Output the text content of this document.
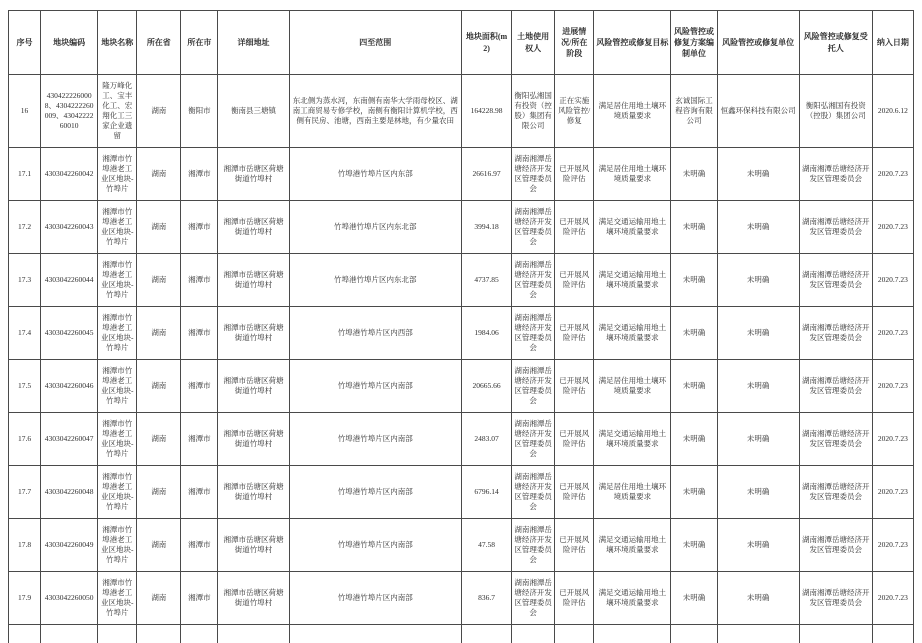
序号	地块编码	地块名称	所在省	所在市	详细地址	四至范围	地块面积(m2)	土地使用权人	进展情况/所在阶段	风险管控或修复目标	风险管控或修复方案编制单位	风险管控或修复单位	风险管控或修复受托人	纳入日期
16	4304222260008、4304222260009、4304222260010	隆万峰化工、宝丰化工、宏翔化工三家企业遗留	湖南	衡阳市	衡南县三塘镇	东北侧为蒸水河，东南侧有南华大学雨母校区、湖南工商贸易专修学校，南侧有衡阳计算机学校，西侧有民房、池塘，西南主要是林地，有少量农田	164228.98	衡阳弘湘国有投资（控股）集团有限公司	正在实施风险管控/修复	满足居住用地土壤环境质量要求	玄诚国际工程咨询有限公司	恒鑫环保科技有限公司	衡阳弘湘国有投资（控股）集团公司	2020.6.12
17.1	4303042260042	湘潭市竹埠港老工业区地块-竹埠片	湖南	湘潭市	湘潭市岳塘区荷塘街道竹埠村	竹埠港竹埠片区内东部	26616.97	湖南湘潭岳塘经济开发区管理委员会	已开展风险评估	满足居住用地土壤环境质量要求	未明确	未明确	湖南湘潭岳塘经济开发区管理委员会	2020.7.23
17.2	4303042260043	湘潭市竹埠港老工业区地块-竹埠片	湖南	湘潭市	湘潭市岳塘区荷塘街道竹埠村	竹埠港竹埠片区内东北部	3994.18	湖南湘潭岳塘经济开发区管理委员会	已开展风险评估	满足交通运输用地土壤环境质量要求	未明确	未明确	湖南湘潭岳塘经济开发区管理委员会	2020.7.23
17.3	4303042260044	湘潭市竹埠港老工业区地块-竹埠片	湖南	湘潭市	湘潭市岳塘区荷塘街道竹埠村	竹埠港竹埠片区内东北部	4737.85	湖南湘潭岳塘经济开发区管理委员会	已开展风险评估	满足交通运输用地土壤环境质量要求	未明确	未明确	湖南湘潭岳塘经济开发区管理委员会	2020.7.23
17.4	4303042260045	湘潭市竹埠港老工业区地块-竹埠片	湖南	湘潭市	湘潭市岳塘区荷塘街道竹埠村	竹埠港竹埠片区内西部	1984.06	湖南湘潭岳塘经济开发区管理委员会	已开展风险评估	满足交通运输用地土壤环境质量要求	未明确	未明确	湖南湘潭岳塘经济开发区管理委员会	2020.7.23
17.5	4303042260046	湘潭市竹埠港老工业区地块-竹埠片	湖南	湘潭市	湘潭市岳塘区荷塘街道竹埠村	竹埠港竹埠片区内南部	20665.66	湖南湘潭岳塘经济开发区管理委员会	已开展风险评估	满足居住用地土壤环境质量要求	未明确	未明确	湖南湘潭岳塘经济开发区管理委员会	2020.7.23
17.6	4303042260047	湘潭市竹埠港老工业区地块-竹埠片	湖南	湘潭市	湘潭市岳塘区荷塘街道竹埠村	竹埠港竹埠片区内南部	2483.07	湖南湘潭岳塘经济开发区管理委员会	已开展风险评估	满足交通运输用地土壤环境质量要求	未明确	未明确	湖南湘潭岳塘经济开发区管理委员会	2020.7.23
17.7	4303042260048	湘潭市竹埠港老工业区地块-竹埠片	湖南	湘潭市	湘潭市岳塘区荷塘街道竹埠村	竹埠港竹埠片区内南部	6796.14	湖南湘潭岳塘经济开发区管理委员会	已开展风险评估	满足居住用地土壤环境质量要求	未明确	未明确	湖南湘潭岳塘经济开发区管理委员会	2020.7.23
17.8	4303042260049	湘潭市竹埠港老工业区地块-竹埠片	湖南	湘潭市	湘潭市岳塘区荷塘街道竹埠村	竹埠港竹埠片区内南部	47.58	湖南湘潭岳塘经济开发区管理委员会	已开展风险评估	满足交通运输用地土壤环境质量要求	未明确	未明确	湖南湘潭岳塘经济开发区管理委员会	2020.7.23
17.9	4303042260050	湘潭市竹埠港老工业区地块-竹埠片	湖南	湘潭市	湘潭市岳塘区荷塘街道竹埠村	竹埠港竹埠片区内南部	836.7	湖南湘潭岳塘经济开发区管理委员会	已开展风险评估	满足交通运输用地土壤环境质量要求	未明确	未明确	湖南湘潭岳塘经济开发区管理委员会	2020.7.23
